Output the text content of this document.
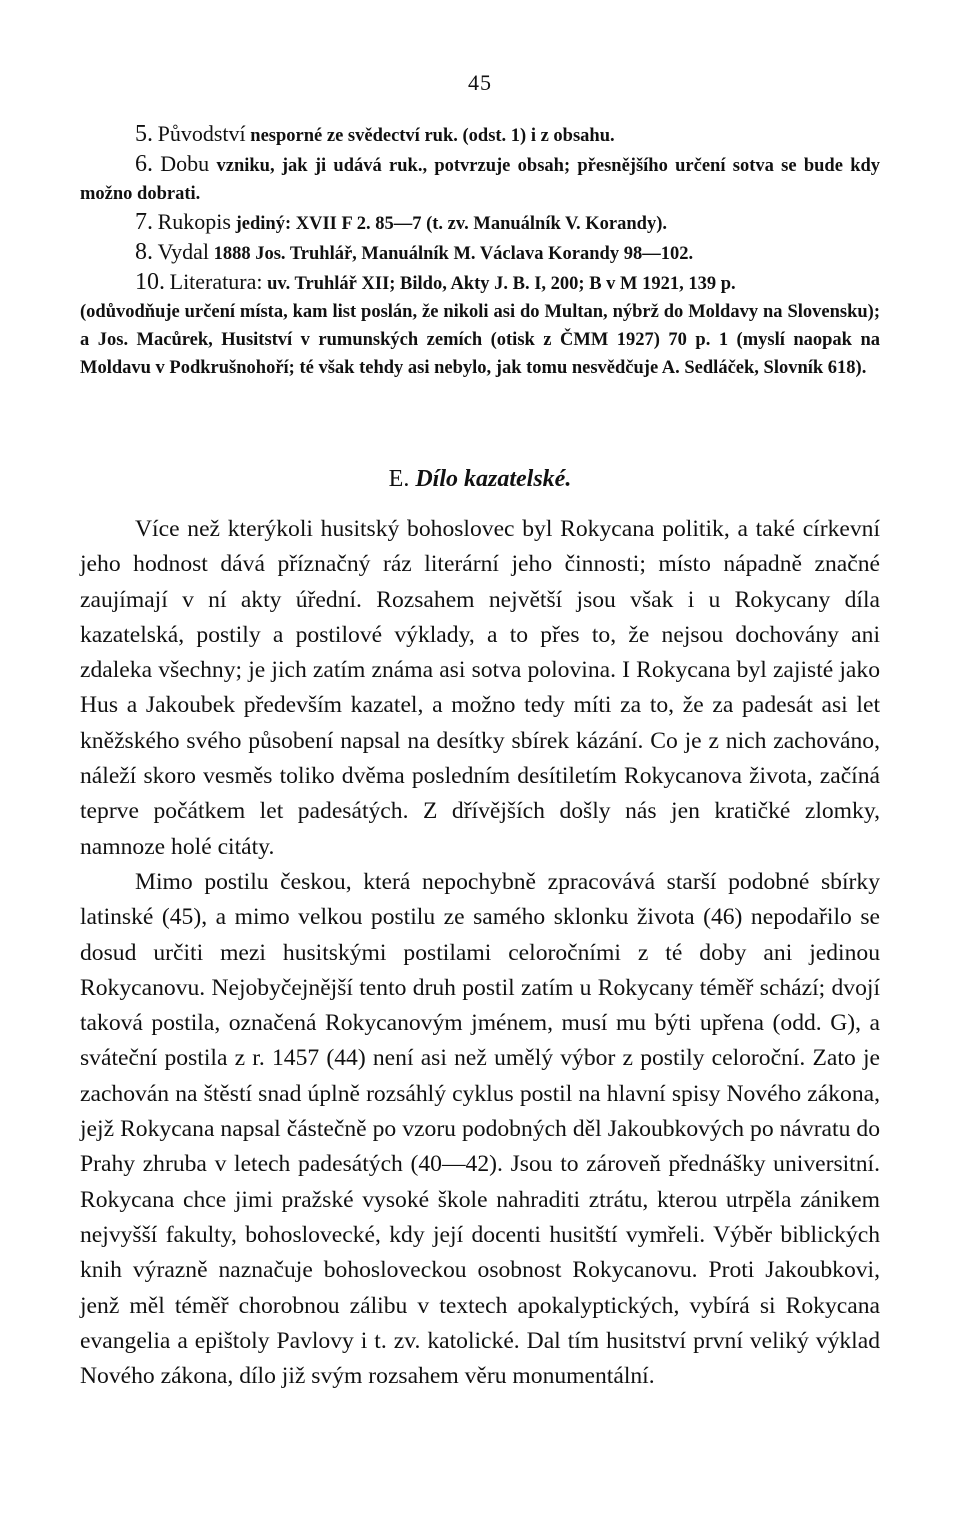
45

5. Původství nesporné ze svědectví ruk. (odst. 1) i z obsahu.

6. Dobu vzniku, jak ji udává ruk., potvrzuje obsah; přesnějšího určení sotva se bude kdy možno dobrati.

7. Rukopis jediný: XVII F 2. 85—7 (t. zv. Manuálník V. Korandy).

8. Vydal 1888 Jos. Truhlář, Manuálník M. Václava Korandy 98—102.

10. Literatura: uv. Truhlář XII; Bildo, Akty J. B. I, 200; B v M 1921, 139 p.

(odůvodňuje určení místa, kam list poslán, že nikoli asi do Multan, nýbrž do Moldavy na Slovensku); a Jos. Macůrek, Husitství v rumunských zemích (otisk z ČMM 1927) 70 p. 1 (myslí naopak na Moldavu v Podkrušnohoří; té však tehdy asi nebylo, jak tomu nesvědčuje A. Sedláček, Slovník 618).

E. Dílo kazatelské.

Více než kterýkoli husitský bohoslovec byl Rokycana politik, a také církevní jeho hodnost dává příznačný ráz literární jeho činnosti; místo nápadně značné zaujímají v ní akty úřední. Rozsahem největší jsou však i u Rokycany díla kazatelská, postily a postilové výklady, a to přes to, že nejsou dochovány ani zdaleka všechny; je jich zatím známa asi sotva polovina. I Rokycana byl zajisté jako Hus a Jakoubek především kazatel, a možno tedy míti za to, že za padesát asi let kněžského svého působení napsal na desítky sbírek kázání. Co je z nich zachováno, náleží skoro vesměs toliko dvěma posledním desítiletím Rokycanova života, začíná teprve počátkem let padesátých. Z dřívějších došly nás jen kratičké zlomky, namnoze holé citáty.

Mimo postilu českou, která nepochybně zpracovává starší podobné sbírky latinské (45), a mimo velkou postilu ze samého sklonku života (46) nepodařilo se dosud určiti mezi husitskými postilami celoročními z té doby ani jedinou Rokycanovu. Nejobyčejnější tento druh postil zatím u Rokycany téměř schází; dvojí taková postila, označená Rokycanovým jménem, musí mu býti upřena (odd. G), a sváteční postila z r. 1457 (44) není asi než umělý výbor z postily celoroční. Zato je zachován na štěstí snad úplně rozsáhlý cyklus postil na hlavní spisy Nového zákona, jejž Rokycana napsal částečně po vzoru podobných děl Jakoubkových po návratu do Prahy zhruba v letech padesátých (40—42). Jsou to zároveň přednášky universitní. Rokycana chce jimi pražské vysoké škole nahraditi ztrátu, kterou utrpěla zánikem nejvyšší fakulty, bohoslovecké, kdy její docenti husitští vymřeli. Výběr biblických knih výrazně naznačuje bohosloveckou osobnost Rokycanovu. Proti Jakoubkovi, jenž měl téměř chorobnou zálibu v textech apokalyptických, vybírá si Rokycana evangelia a epištoly Pavlovy i t. zv. katolické. Dal tím husitství první veliký výklad Nového zákona, dílo již svým rozsahem věru monumentální.
